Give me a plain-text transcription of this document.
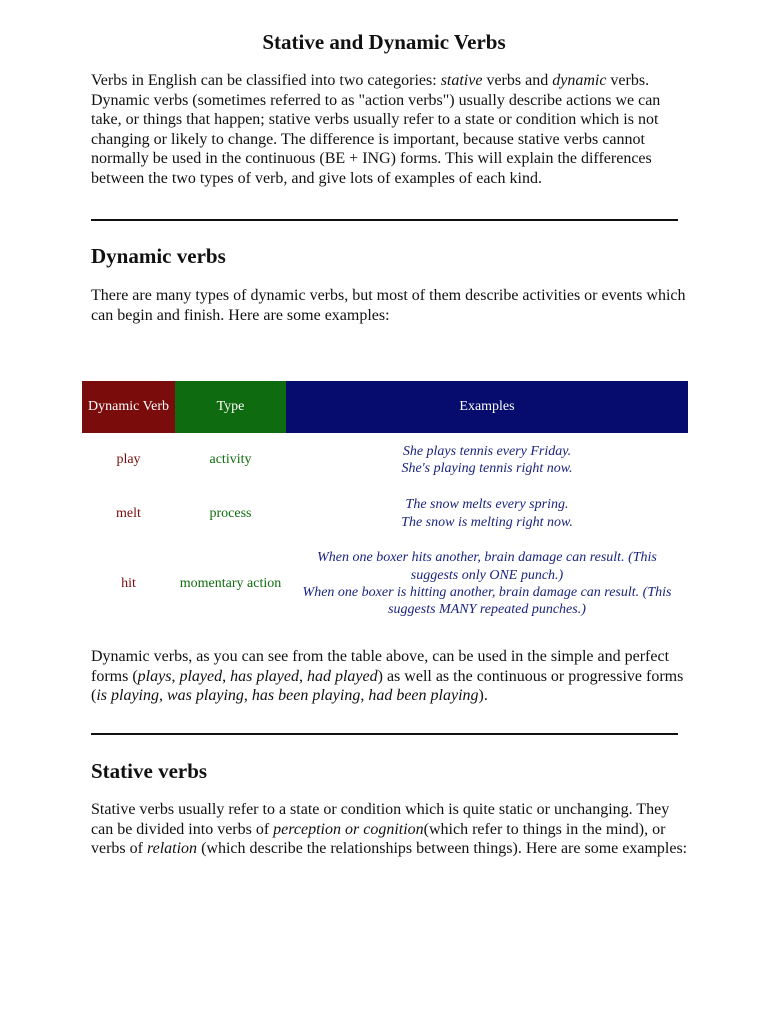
Stative and Dynamic Verbs

Verbs in English can be classified into two categories: stative verbs and dynamic verbs. Dynamic verbs (sometimes referred to as "action verbs") usually describe actions we can take, or things that happen; stative verbs usually refer to a state or condition which is not changing or likely to change. The difference is important, because stative verbs cannot normally be used in the continuous (BE + ING) forms. This will explain the differences between the two types of verb, and give lots of examples of each kind.

Dynamic verbs

There are many types of dynamic verbs, but most of them describe activities or events which can begin and finish. Here are some examples:

Dynamic Verb	Type	Examples
play	activity	She plays tennis every Friday.
She's playing tennis right now.

melt	process	The snow melts every spring.
The snow is melting right now.

hit	momentary action	When one boxer hits another, brain damage can result. (This suggests only ONE punch.)
When one boxer is hitting another, brain damage can result. (This suggests MANY repeated punches.)

Dynamic verbs, as you can see from the table above, can be used in the simple and perfect forms (plays, played, has played, had played) as well as the continuous or progressive forms (is playing, was playing, has been playing, had been playing).

Stative verbs

Stative verbs usually refer to a state or condition which is quite static or unchanging. They can be divided into verbs of perception or cognition(which refer to things in the mind), or verbs of relation (which describe the relationships between things). Here are some examples:
